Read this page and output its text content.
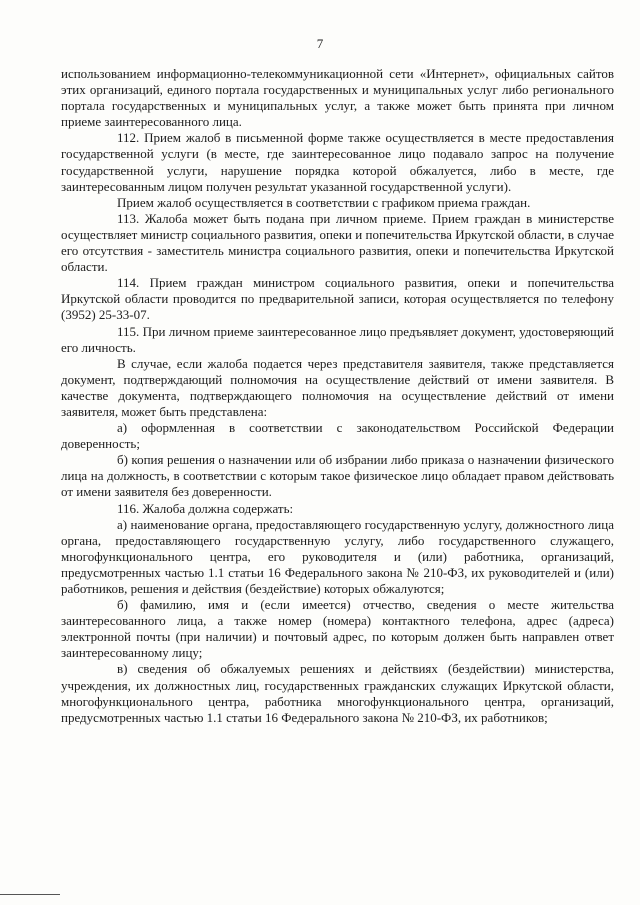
7

использованием информационно-телекоммуникационной сети «Интернет», официальных сайтов этих организаций, единого портала государственных и муниципальных услуг либо регионального портала государственных и муниципальных услуг, а также может быть принята при личном приеме заинтересованного лица.

112. Прием жалоб в письменной форме также осуществляется в месте предоставления государственной услуги (в месте, где заинтересованное лицо подавало запрос на получение государственной услуги, нарушение порядка которой обжалуется, либо в месте, где заинтересованным лицом получен результат указанной государственной услуги).

Прием жалоб осуществляется в соответствии с графиком приема граждан.

113. Жалоба может быть подана при личном приеме. Прием граждан в министерстве осуществляет министр социального развития, опеки и попечительства Иркутской области, в случае его отсутствия - заместитель министра социального развития, опеки и попечительства Иркутской области.

114. Прием граждан министром социального развития, опеки и попечительства Иркутской области проводится по предварительной записи, которая осуществляется по телефону (3952) 25-33-07.

115. При личном приеме заинтересованное лицо предъявляет документ, удостоверяющий его личность.

В случае, если жалоба подается через представителя заявителя, также представляется документ, подтверждающий полномочия на осуществление действий от имени заявителя. В качестве документа, подтверждающего полномочия на осуществление действий от имени заявителя, может быть представлена:

а) оформленная в соответствии с законодательством Российской Федерации доверенность;

б) копия решения о назначении или об избрании либо приказа о назначении физического лица на должность, в соответствии с которым такое физическое лицо обладает правом действовать от имени заявителя без доверенности.

116. Жалоба должна содержать:

а) наименование органа, предоставляющего государственную услугу, должностного лица органа, предоставляющего государственную услугу, либо государственного служащего, многофункционального центра, его руководителя и (или) работника, организаций, предусмотренных частью 1.1 статьи 16 Федерального закона № 210-ФЗ, их руководителей и (или) работников, решения и действия (бездействие) которых обжалуются;

б) фамилию, имя и (если имеется) отчество, сведения о месте жительства заинтересованного лица, а также номер (номера) контактного телефона, адрес (адреса) электронной почты (при наличии) и почтовый адрес, по которым должен быть направлен ответ заинтересованному лицу;

в) сведения об обжалуемых решениях и действиях (бездействии) министерства, учреждения, их должностных лиц, государственных гражданских служащих Иркутской области, многофункционального центра, работника многофункционального центра, организаций, предусмотренных частью 1.1 статьи 16 Федерального закона № 210-ФЗ, их работников;
